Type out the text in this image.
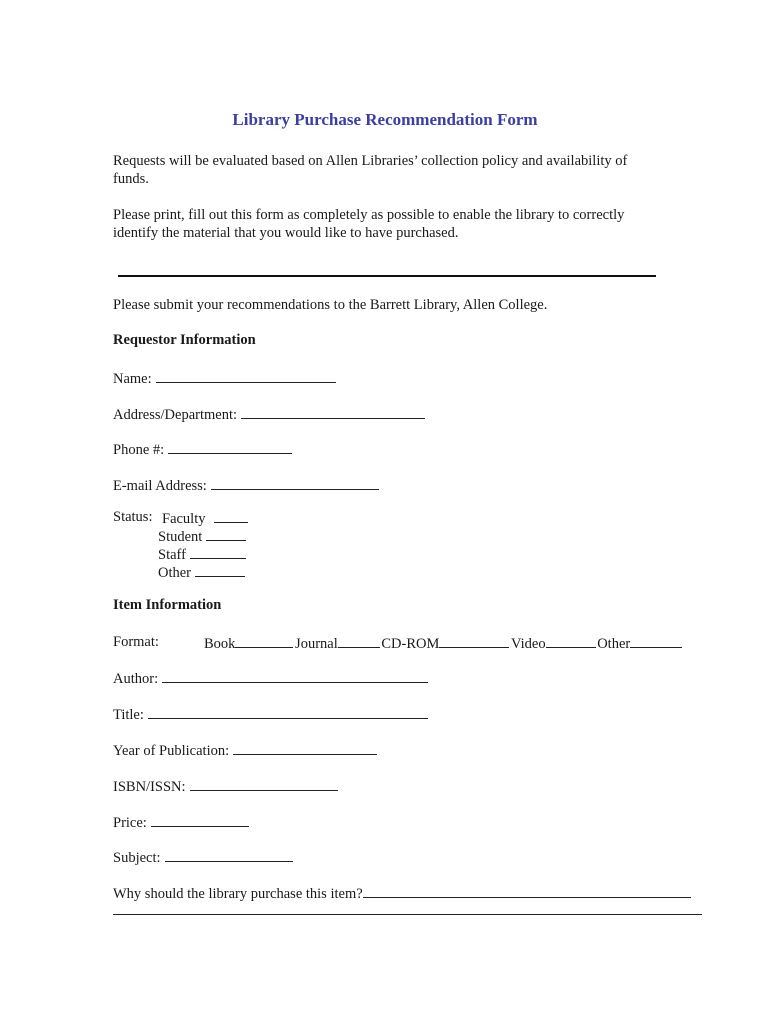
Library Purchase Recommendation Form
Requests will be evaluated based on Allen Libraries’ collection policy and availability of
funds.
Please print, fill out this form as completely as possible to enable the library to correctly
identify the material that you would like to have purchased.
Please submit your recommendations to the Barrett Library, Allen College.
Requestor Information
Name:
Address/Department:
Phone #:
E-mail Address:
Status: Faculty
Student
Staff
Other
Item Information
Format:	Book	Journal	CD-ROM	Video	Other
Author:
Title:
Year of Publication:
ISBN/ISSN:
Price:
Subject:
Why should the library purchase this item?
